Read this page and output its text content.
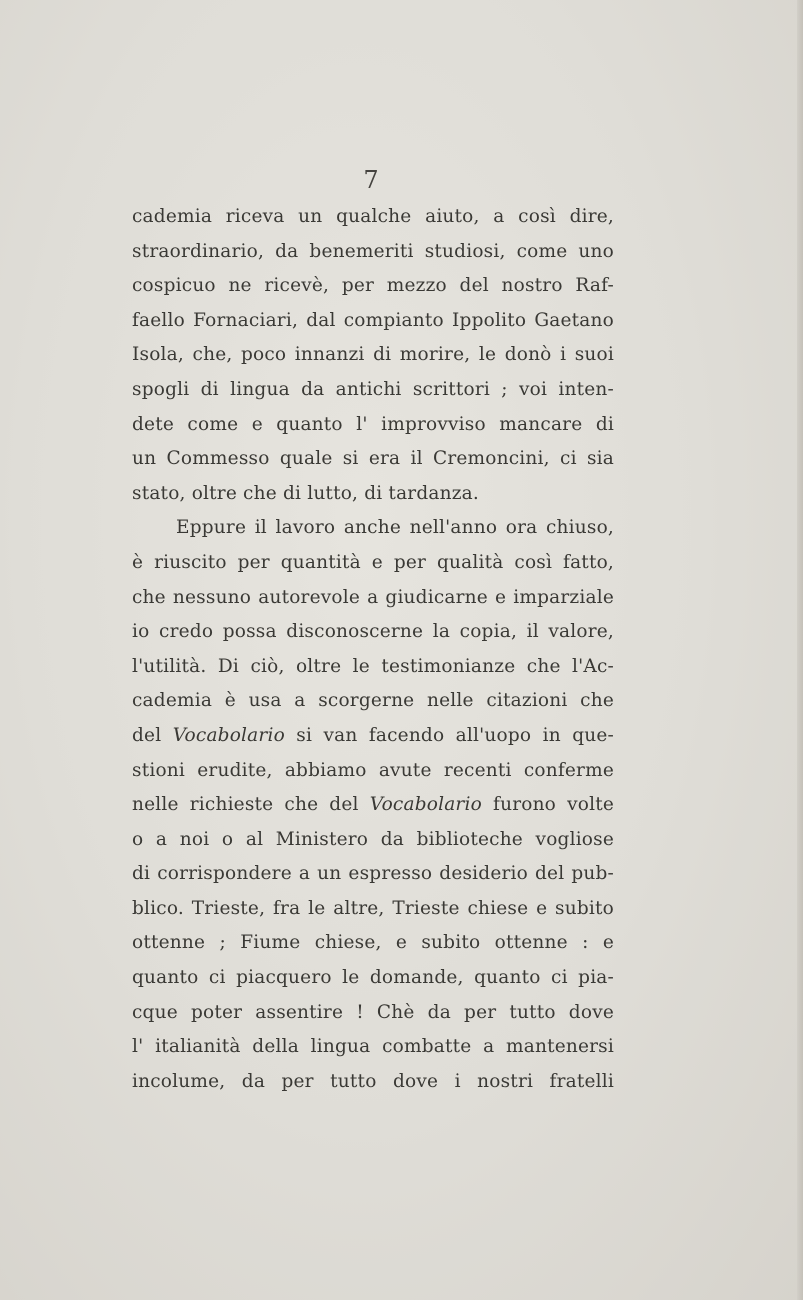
7
cademia riceva un qualche aiuto, a così dire,
straordinario, da benemeriti studiosi, come uno
cospicuo ne ricevè, per mezzo del nostro Raf-
faello Fornaciari, dal compianto Ippolito Gaetano
Isola, che, poco innanzi di morire, le donò i suoi
spogli di lingua da antichi scrittori ; voi inten-
dete come e quanto l' improvviso mancare di
un Commesso quale si era il Cremoncini, ci sia
stato, oltre che di lutto, di tardanza.
Eppure il lavoro anche nell'anno ora chiuso,
è riuscito per quantità e per qualità così fatto,
che nessuno autorevole a giudicarne e imparziale
io credo possa disconoscerne la copia, il valore,
l'utilità. Di ciò, oltre le testimonianze che l'Ac-
cademia è usa a scorgerne nelle citazioni che
del Vocabolario si van facendo all'uopo in que-
stioni erudite, abbiamo avute recenti conferme
nelle richieste che del Vocabolario furono volte
o a noi o al Ministero da biblioteche vogliose
di corrispondere a un espresso desiderio del pub-
blico. Trieste, fra le altre, Trieste chiese e subito
ottenne ; Fiume chiese, e subito ottenne : e
quanto ci piacquero le domande, quanto ci pia-
cque poter assentire ! Chè da per tutto dove
l' italianità della lingua combatte a mantenersi
incolume, da per tutto dove i nostri fratelli
